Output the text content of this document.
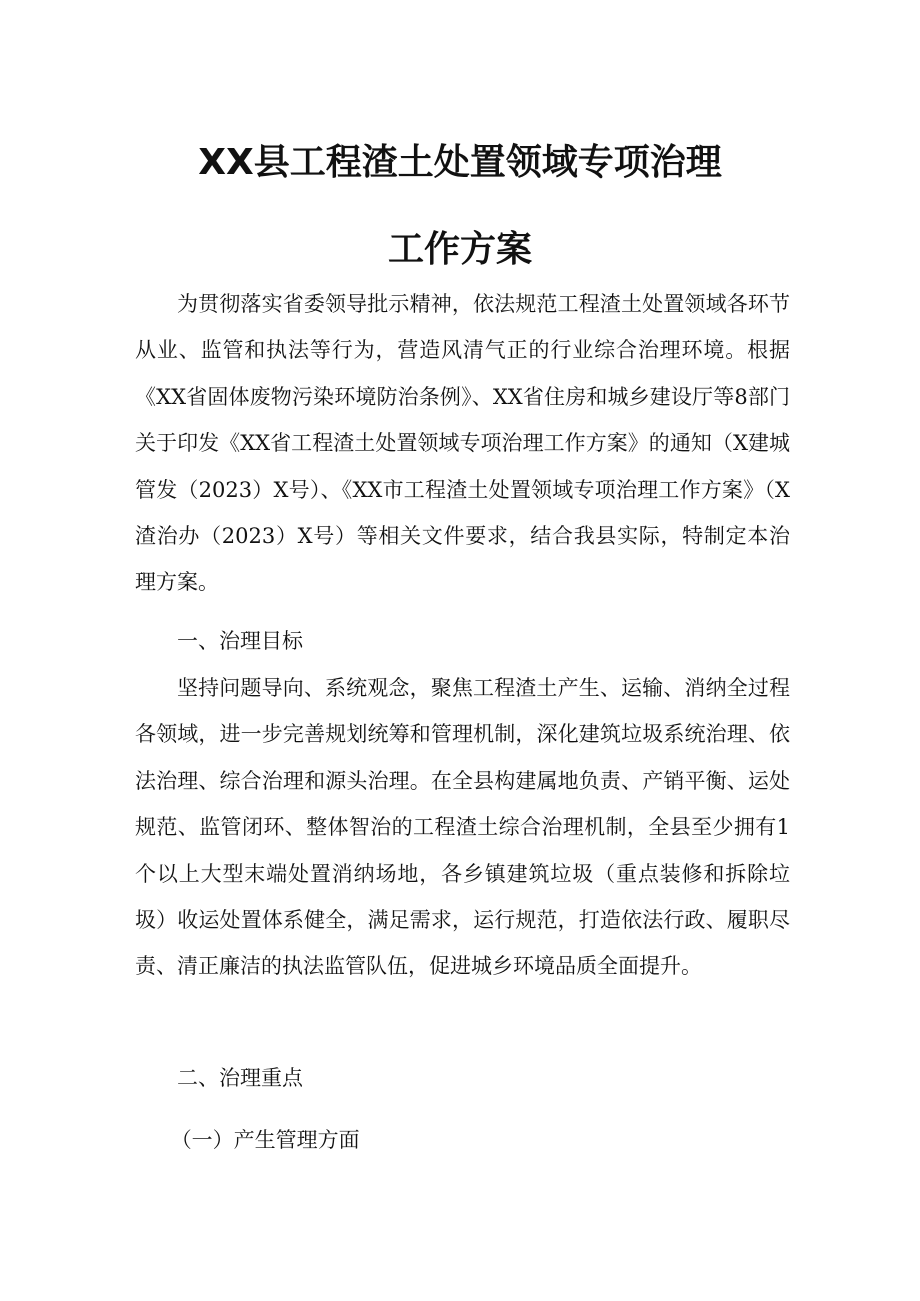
XX县工程渣土处置领域专项治理
工作方案

为贯彻落实省委领导批示精神，依法规范工程渣土处置领域各环节从业、监管和执法等行为，营造风清气正的行业综合治理环境。根据《XX省固体废物污染环境防治条例》、XX省住房和城乡建设厅等8部门关于印发《XX省工程渣土处置领域专项治理工作方案》的通知（X建城管发（2023）X号）、《XX市工程渣土处置领域专项治理工作方案》（X渣治办（2023）X号）等相关文件要求，结合我县实际，特制定本治理方案。

一、治理目标

坚持问题导向、系统观念，聚焦工程渣土产生、运输、消纳全过程各领域，进一步完善规划统筹和管理机制，深化建筑垃圾系统治理、依法治理、综合治理和源头治理。在全县构建属地负责、产销平衡、运处规范、监管闭环、整体智治的工程渣土综合治理机制，全县至少拥有1个以上大型末端处置消纳场地，各乡镇建筑垃圾（重点装修和拆除垃圾）收运处置体系健全，满足需求，运行规范，打造依法行政、履职尽责、清正廉洁的执法监管队伍，促进城乡环境品质全面提升。

二、治理重点

（一）产生管理方面
